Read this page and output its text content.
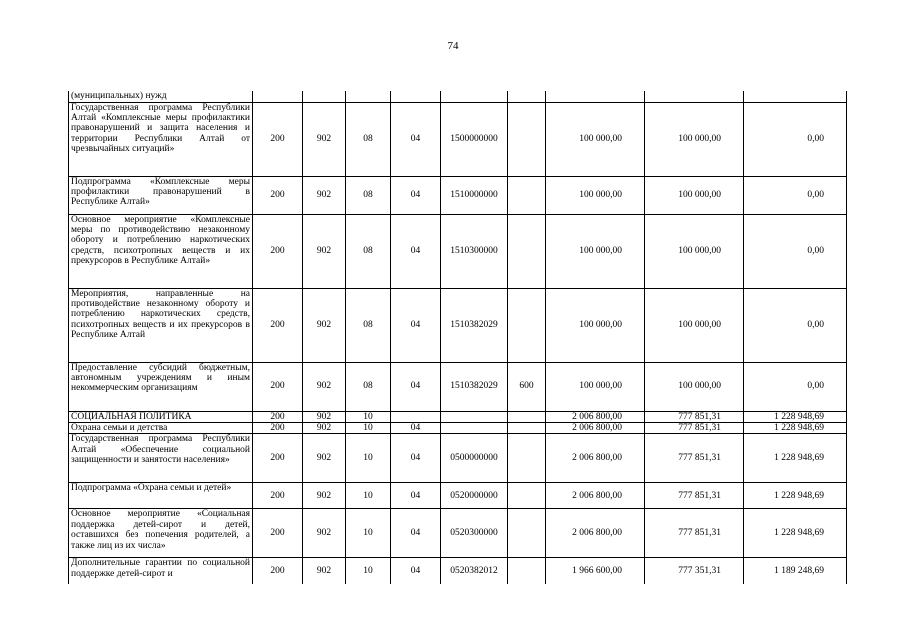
74
(муниципальных) нужд									
Государственная программа Республики Алтай «Комплексные меры профилактики правонарушений и защита населения и территории Республики Алтай от чрезвычайных ситуаций»	200	902	08	04	1500000000		100 000,00	100 000,00	0,00
Подпрограмма «Комплексные меры профилактики правонарушений в Республике Алтай»	200	902	08	04	1510000000		100 000,00	100 000,00	0,00
Основное мероприятие «Комплексные меры по противодействию незаконному обороту и потреблению наркотических средств, психотропных веществ и их прекурсоров в Республике Алтай»	200	902	08	04	1510300000		100 000,00	100 000,00	0,00
Мероприятия, направленные на противодействие незаконному обороту и потреблению наркотических средств, психотропных веществ и их прекурсоров в Республике Алтай	200	902	08	04	1510382029		100 000,00	100 000,00	0,00
Предоставление субсидий бюджетным, автономным учреждениям и иным некоммерческим организациям	200	902	08	04	1510382029	600	100 000,00	100 000,00	0,00
СОЦИАЛЬНАЯ ПОЛИТИКА	200	902	10				2 006 800,00	777 851,31	1 228 948,69
Охрана семьи и детства	200	902	10	04			2 006 800,00	777 851,31	1 228 948,69
Государственная программа Республики Алтай «Обеспечение социальной защищенности и занятости населения»	200	902	10	04	0500000000		2 006 800,00	777 851,31	1 228 948,69
Подпрограмма «Охрана семьи и детей»	200	902	10	04	0520000000		2 006 800,00	777 851,31	1 228 948,69
Основное мероприятие «Социальная поддержка детей-сирот и детей, оставшихся без попечения родителей, а также лиц из их числа»	200	902	10	04	0520300000		2 006 800,00	777 851,31	1 228 948,69
Дополнительные гарантии по социальной поддержке детей-сирот и	200	902	10	04	0520382012		1 966 600,00	777 351,31	1 189 248,69
